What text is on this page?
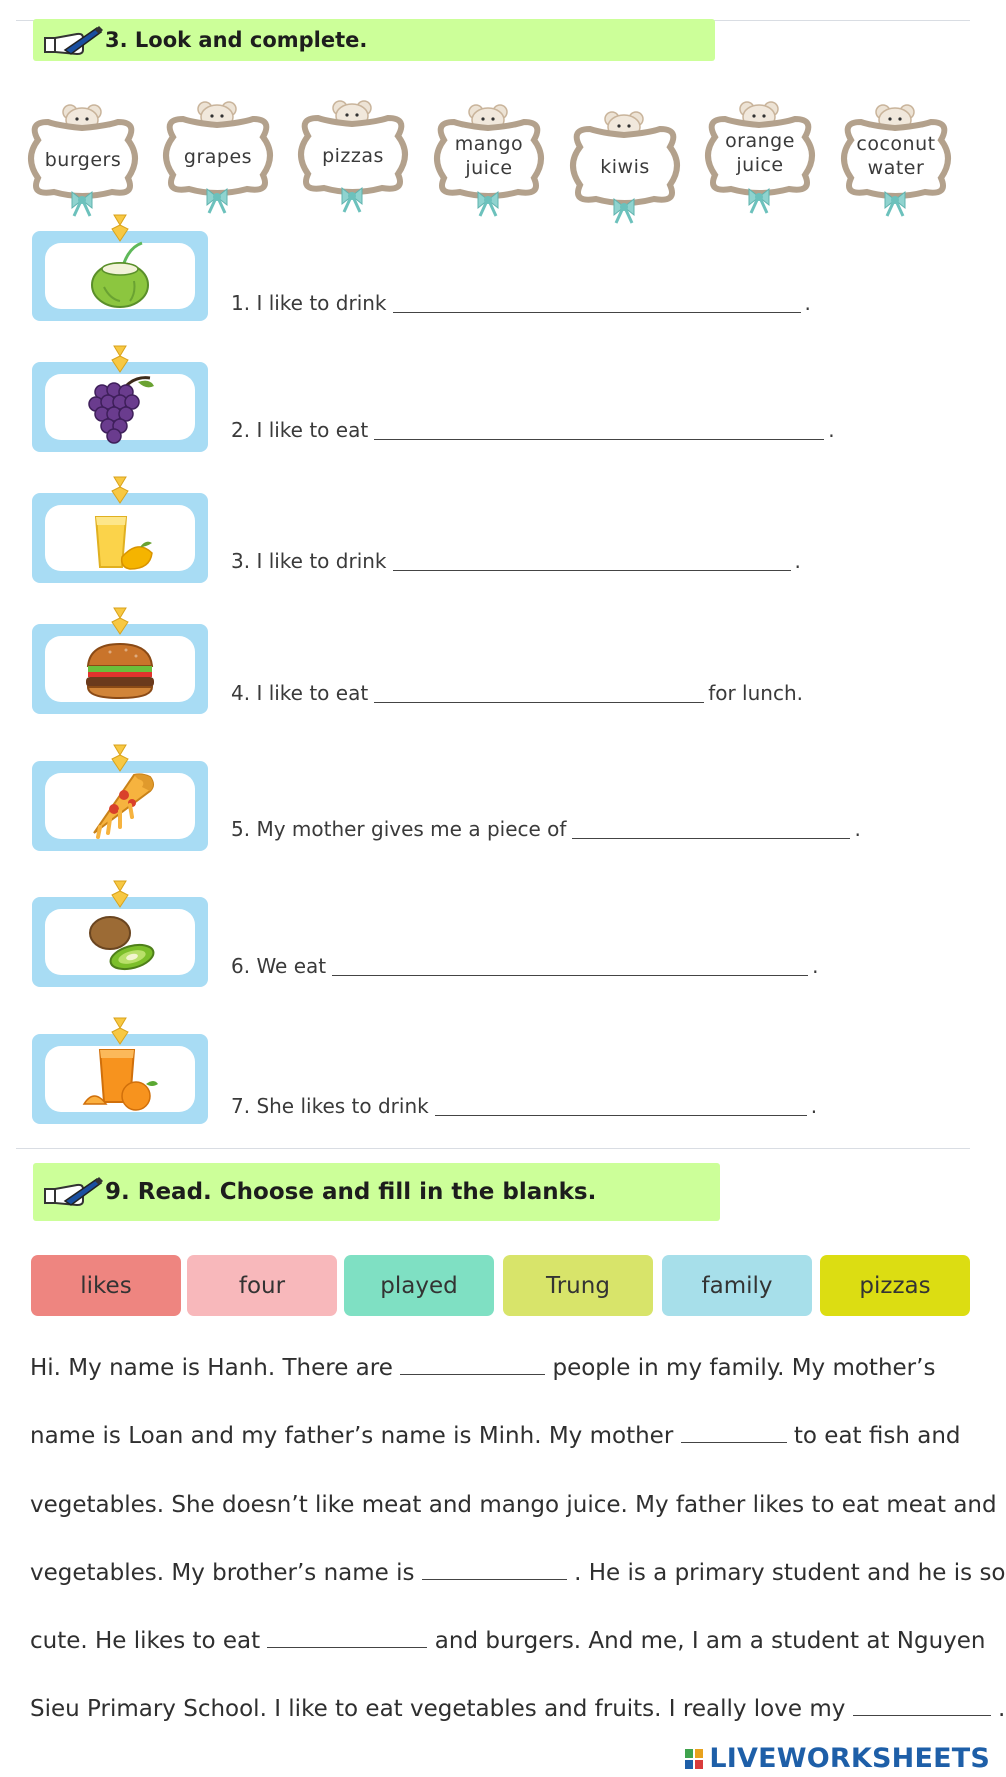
3. Look and complete.
burgers	grapes	pizzas
mango
juice	kiwis
orange
juice
coconut
water
1. I like to drink	.
2. I like to eat	.
3. I like to drink	.
4. I like to eat	for lunch.
5. My mother gives me a piece of	.
6. We eat	.
7. She likes to drink	.
9. Read. Choose and fill in the blanks.
likes	four	played	Trung	family	pizzas
Hi. My name is Hanh. There are	people in my family. My mother’s
name is Loan and my father’s name is Minh. My mother	to eat fish and
vegetables. She doesn’t like meat and mango juice. My father likes to eat meat and
vegetables. My brother’s name is	. He is a primary student and he is so
cute. He likes to eat	and burgers. And me, I am a student at Nguyen
Sieu Primary School. I like to eat vegetables and fruits. I really love my	.
LIVEWORKSHEETS
